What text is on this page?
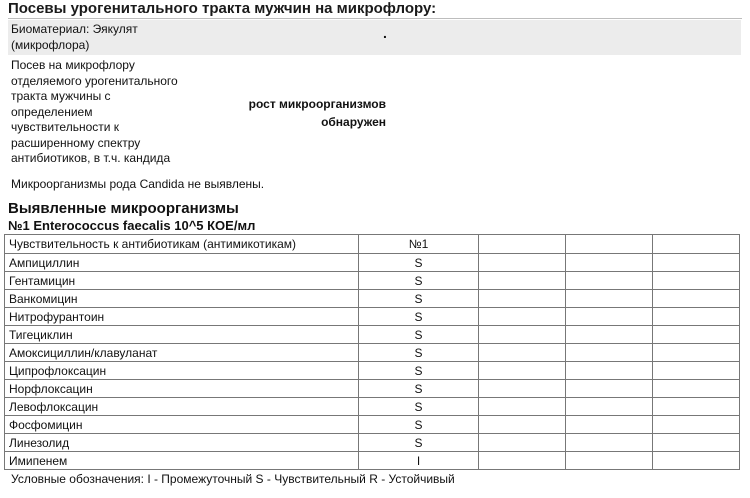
Посевы урогенитального тракта мужчин на микрофлору:
Биоматериал: Эякулят
(микрофлора)
.
Посев на микрофлору
отделяемого урогенитального
тракта мужчины с
определением
чувствительности к
расширенному спектру
антибиотиков, в т.ч. кандида
рост микроорганизмов
обнаружен
Микроорганизмы рода Candida не выявлены.
Выявленные микроорганизмы
№1 Enterococcus faecalis 10^5 КОЕ/мл
Чувствительность к антибиотикам (антимикотикам)	№1			
Ампициллин	S			
Гентамицин	S			
Ванкомицин	S			
Нитрофурантоин	S			
Тигециклин	S			
Амоксициллин/клавуланат	S			
Ципрофлоксацин	S			
Норфлоксацин	S			
Левофлоксацин	S			
Фосфомицин	S			
Линезолид	S			
Имипенем	I			
Условные обозначения: I - Промежуточный S - Чувствительный R - Устойчивый
